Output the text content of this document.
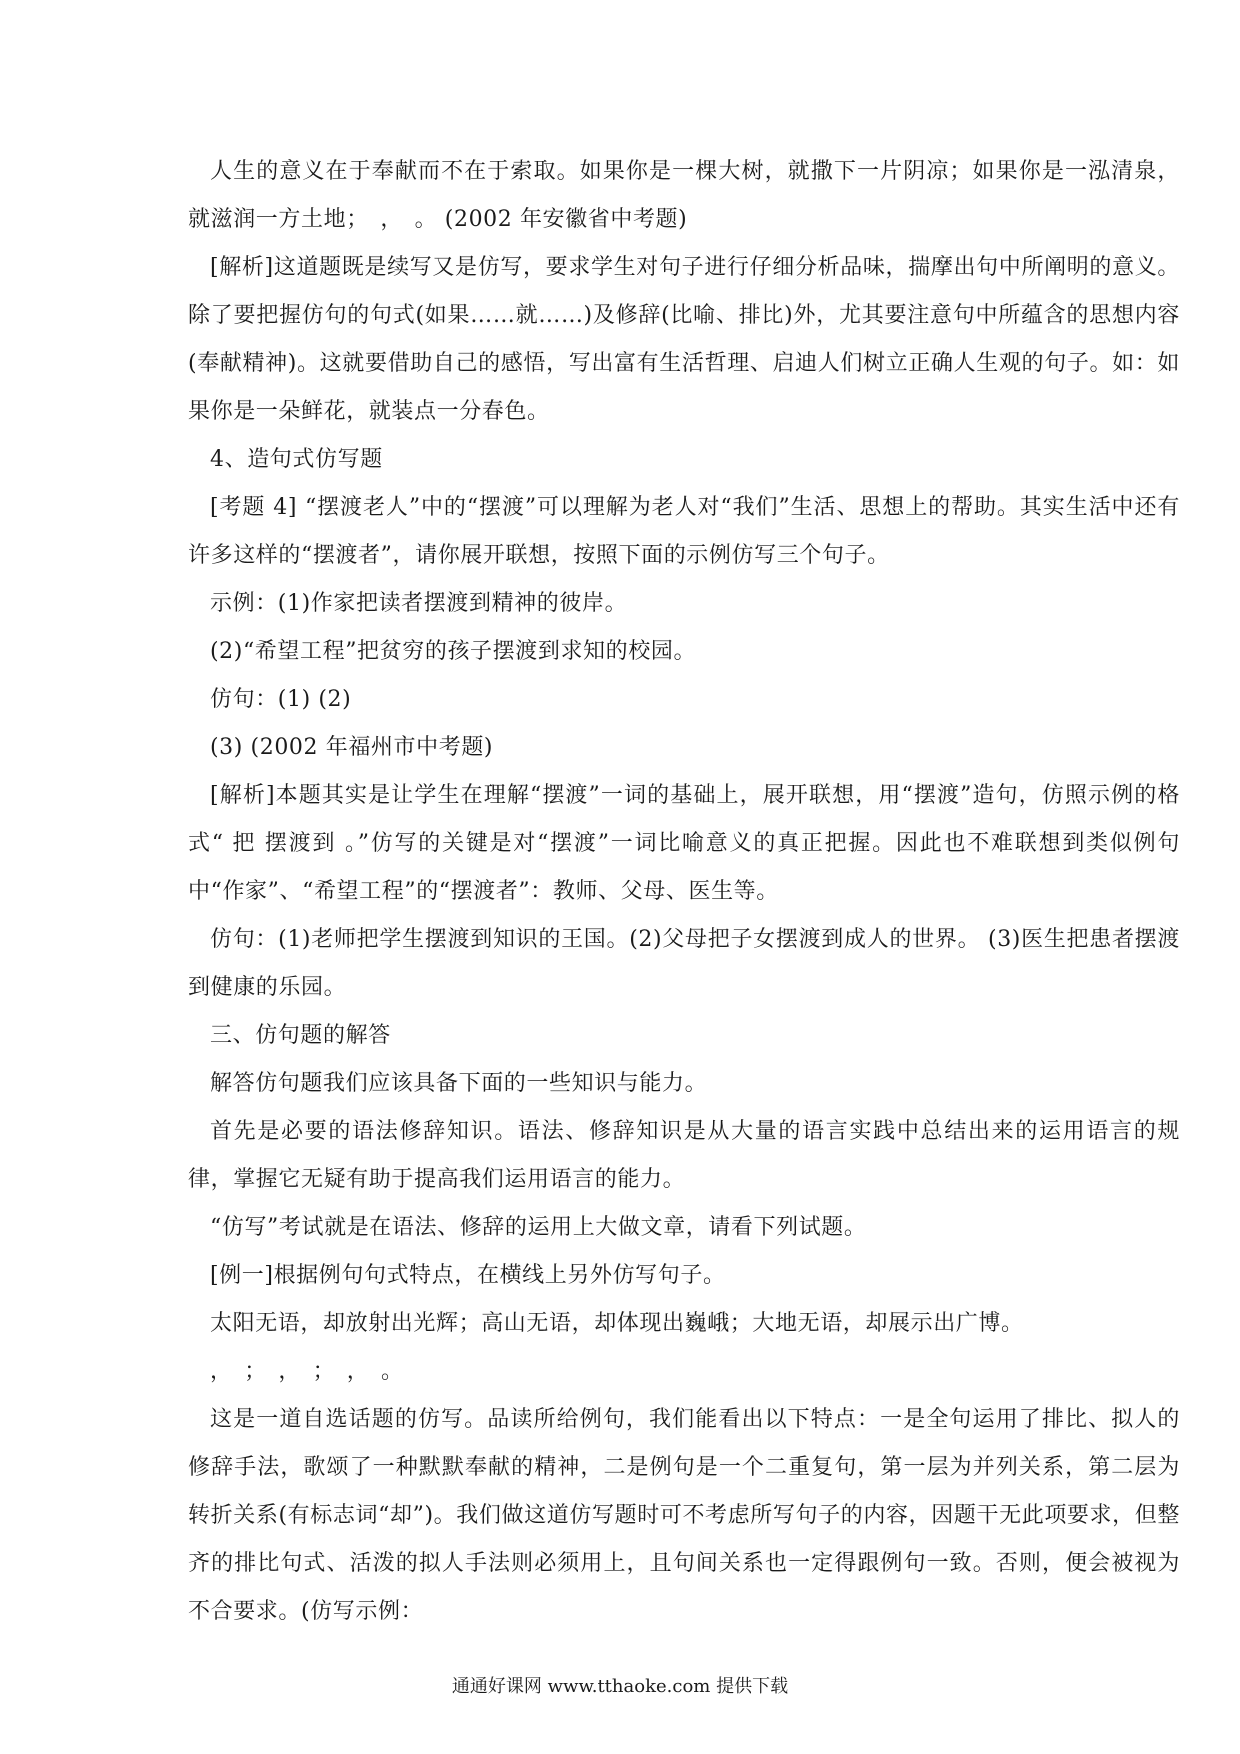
人生的意义在于奉献而不在于索取。如果你是一棵大树，就撒下一片阴凉；如果你是一泓清泉，就滋润一方土地；　，　。 (2002 年安徽省中考题)

[解析]这道题既是续写又是仿写，要求学生对句子进行仔细分析品味，揣摩出句中所阐明的意义。除了要把握仿句的句式(如果……就……)及修辞(比喻、排比)外，尤其要注意句中所蕴含的思想内容(奉献精神)。这就要借助自己的感悟，写出富有生活哲理、启迪人们树立正确人生观的句子。如：如果你是一朵鲜花，就装点一分春色。

4、造句式仿写题

[考题 4] “摆渡老人”中的“摆渡”可以理解为老人对“我们”生活、思想上的帮助。其实生活中还有许多这样的“摆渡者”，请你展开联想，按照下面的示例仿写三个句子。

示例：(1)作家把读者摆渡到精神的彼岸。

(2)“希望工程”把贫穷的孩子摆渡到求知的校园。

仿句：(1) (2)

(3) (2002 年福州市中考题)

[解析]本题其实是让学生在理解“摆渡”一词的基础上，展开联想，用“摆渡”造句，仿照示例的格式“ 把 摆渡到 。”仿写的关键是对“摆渡”一词比喻意义的真正把握。因此也不难联想到类似例句中“作家”、“希望工程”的“摆渡者”：教师、父母、医生等。

仿句：(1)老师把学生摆渡到知识的王国。(2)父母把子女摆渡到成人的世界。 (3)医生把患者摆渡到健康的乐园。

三、仿句题的解答

解答仿句题我们应该具备下面的一些知识与能力。

首先是必要的语法修辞知识。语法、修辞知识是从大量的语言实践中总结出来的运用语言的规律，掌握它无疑有助于提高我们运用语言的能力。

“仿写”考试就是在语法、修辞的运用上大做文章，请看下列试题。

[例一]根据例句句式特点，在横线上另外仿写句子。

太阳无语，却放射出光辉；高山无语，却体现出巍峨；大地无语，却展示出广博。

，　；　，　；　，　。

这是一道自选话题的仿写。品读所给例句，我们能看出以下特点：一是全句运用了排比、拟人的修辞手法，歌颂了一种默默奉献的精神，二是例句是一个二重复句，第一层为并列关系，第二层为转折关系(有标志词“却”)。我们做这道仿写题时可不考虑所写句子的内容，因题干无此项要求，但整齐的排比句式、活泼的拟人手法则必须用上，且句间关系也一定得跟例句一致。否则，便会被视为不合要求。(仿写示例：

通通好课网 www.tthaoke.com 提供下载
